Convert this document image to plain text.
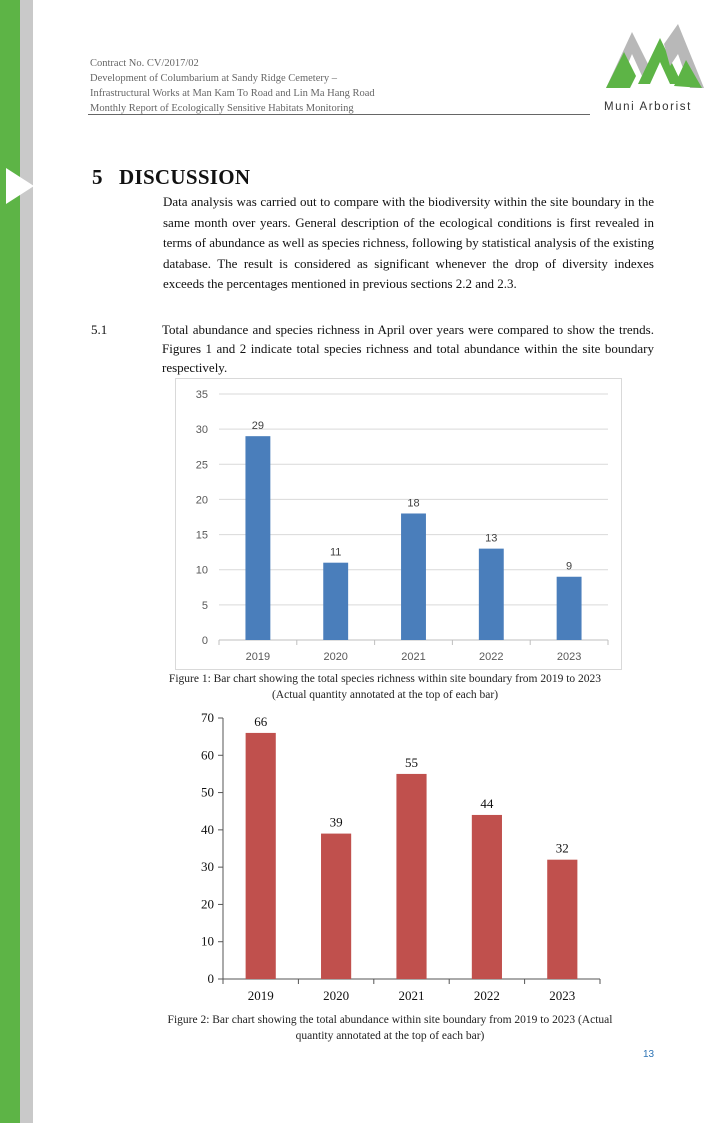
Contract No. CV/2017/02
Development of Columbarium at Sandy Ridge Cemetery –
Infrastructural Works at Man Kam To Road and Lin Ma Hang Road
Monthly Report of Ecologically Sensitive Habitats Monitoring	Muni Arborist
5 DISCUSSION
Data analysis was carried out to compare with the biodiversity within the site boundary in the same month over years. General description of the ecological conditions is first revealed in terms of abundance as well as species richness, following by statistical analysis of the existing database. The result is considered as significant whenever the drop of diversity indexes exceeds the percentages mentioned in previous sections 2.2 and 2.3.
5.1	Total abundance and species richness in April over years were compared to show the trends. Figures 1 and 2 indicate total species richness and total abundance within the site boundary respectively.
0
5
10
15
20
25
30
35
29
2019
11
2020
18
2021
13
2022
9
2023
Figure 1: Bar chart showing the total species richness within site boundary from 2019 to 2023 (Actual quantity annotated at the top of each bar)
0
10
20
30
40
50
60
70	66
2019
39
2020
55
2021
44
2022
32
2023
Figure 2: Bar chart showing the total abundance within site boundary from 2019 to 2023 (Actual quantity annotated at the top of each bar)
13
